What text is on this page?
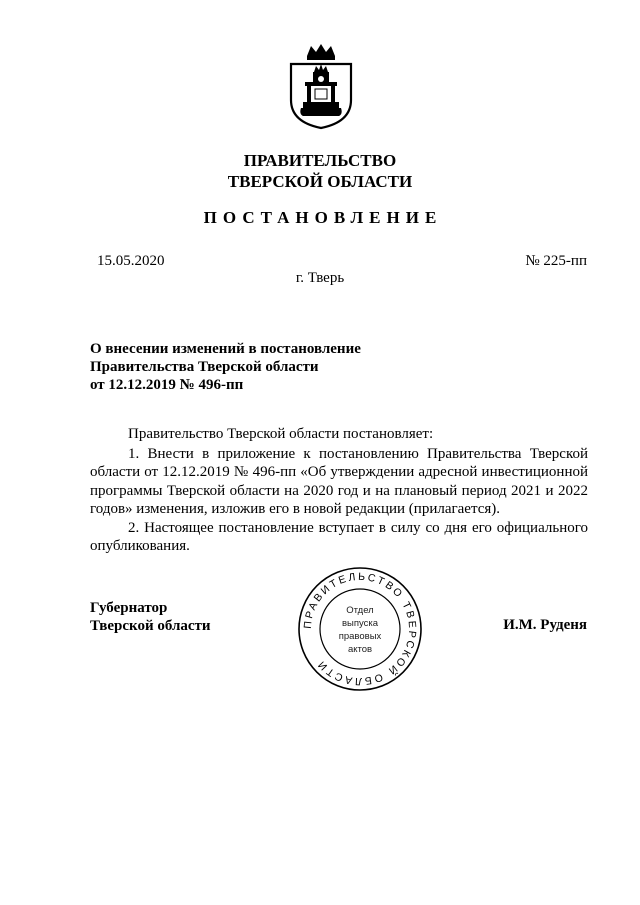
ПРАВИТЕЛЬСТВО
ТВЕРСКОЙ ОБЛАСТИ
ПОСТАНОВЛЕНИЕ
15.05.2020	№ 225-пп
г. Тверь
О внесении изменений в постановление
Правительства Тверской области
от 12.12.2019 № 496-пп

Правительство Тверской области постановляет:

1. Внести в приложение к постановлению Правительства Тверской области от 12.12.2019 № 496-пп «Об утверждении адресной инвестиционной программы Тверской области на 2020 год и на плановый период 2021 и 2022 годов» изменения, изложив его в новой редакции (прилагается).

2. Настоящее постановление вступает в силу со дня его официального опубликования.

Губернатор
Тверской области	И.М. Руденя
ПРАВИТЕЛЬСТВО ТВЕРСКОЙ ОБЛАСТИ
Отдел
выпуска
правовых
актов
